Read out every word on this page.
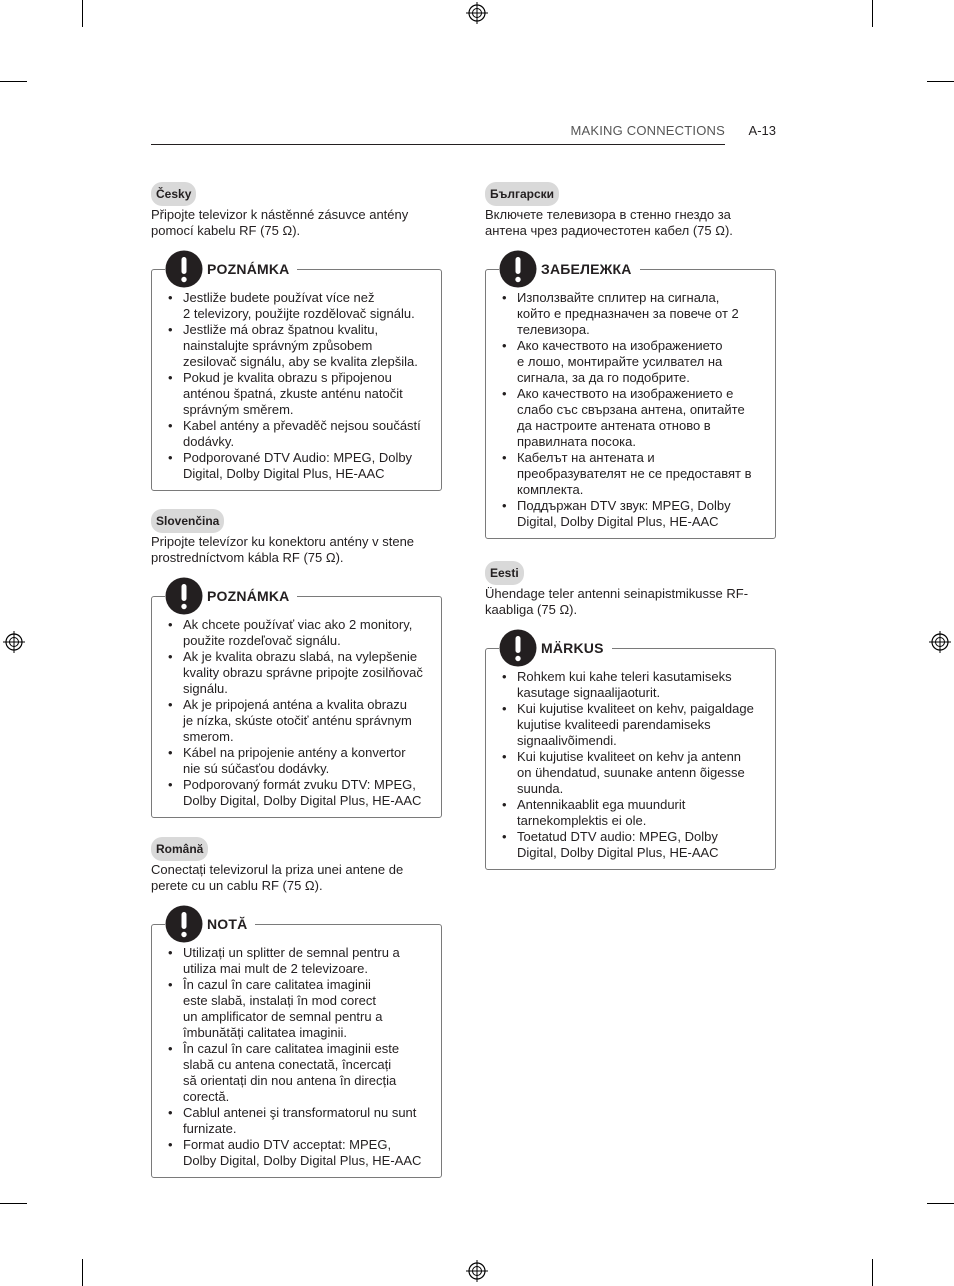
MAKING CONNECTIONS A-13
Česky
Připojte televizor k nástěnné zásuvce antény
pomocí kabelu RF (75 Ω).
POZNÁMKA
• Jestliže budete používat více než
2 televizory, použijte rozdělovač signálu.
• Jestliže má obraz špatnou kvalitu,
nainstalujte správným způsobem
zesilovač signálu, aby se kvalita zlepšila.
• Pokud je kvalita obrazu s připojenou
anténou špatná, zkuste anténu natočit
správným směrem.
• Kabel antény a převaděč nejsou součástí
dodávky.
• Podporované DTV Audio: MPEG, Dolby
Digital, Dolby Digital Plus, HE-AAC
Slovenčina
Pripojte televízor ku konektoru antény v stene
prostredníctvom kábla RF (75 Ω).
POZNÁMKA
• Ak chcete používať viac ako 2 monitory,
použite rozdeľovač signálu.
• Ak je kvalita obrazu slabá, na vylepšenie
kvality obrazu správne pripojte zosilňovač
signálu.
• Ak je pripojená anténa a kvalita obrazu
je nízka, skúste otočiť anténu správnym
smerom.
• Kábel na pripojenie antény a konvertor
nie sú súčasťou dodávky.
• Podporovaný formát zvuku DTV: MPEG,
Dolby Digital, Dolby Digital Plus, HE-AAC
Română
Conectați televizorul la priza unei antene de
perete cu un cablu RF (75 Ω).
NOTĂ
• Utilizați un splitter de semnal pentru a
utiliza mai mult de 2 televizoare.
• În cazul în care calitatea imaginii
este slabă, instalați în mod corect
un amplificator de semnal pentru a
îmbunătăți calitatea imaginii.
• În cazul în care calitatea imaginii este
slabă cu antena conectată, încercați
să orientați din nou antena în direcția
corectă.
• Cablul antenei şi transformatorul nu sunt
furnizate.
• Format audio DTV acceptat: MPEG,
Dolby Digital, Dolby Digital Plus, HE-AAC
Български
Включете телевизора в стенно гнездо за
антена чрез радиочестотен кабел (75 Ω).
ЗАБЕЛЕЖКА
• Използвайте сплитер на сигнала,
който е предназначен за повече от 2
телевизора.
• Ако качеството на изображението
е лошо, монтирайте усилвател на
сигнала, за да го подобрите.
• Ако качеството на изображението е
слабо със свързана антена, опитайте
да настроите антената отново в
правилната посока.
• Кабелът на антената и
преобразувателят не се предоставят в
комплекта.
• Поддържан DTV звук: MPEG, Dolby
Digital, Dolby Digital Plus, HE-AAC
Eesti
Ühendage teler antenni seinapistmikusse RF-
kaabliga (75 Ω).
MÄRKUS
• Rohkem kui kahe teleri kasutamiseks
kasutage signaalijaoturit.
• Kui kujutise kvaliteet on kehv, paigaldage
kujutise kvaliteedi parendamiseks
signaalivõimendi.
• Kui kujutise kvaliteet on kehv ja antenn
on ühendatud, suunake antenn õigesse
suunda.
• Antennikaablit ega muundurit
tarnekomplektis ei ole.
• Toetatud DTV audio: MPEG, Dolby
Digital, Dolby Digital Plus, HE-AAC
